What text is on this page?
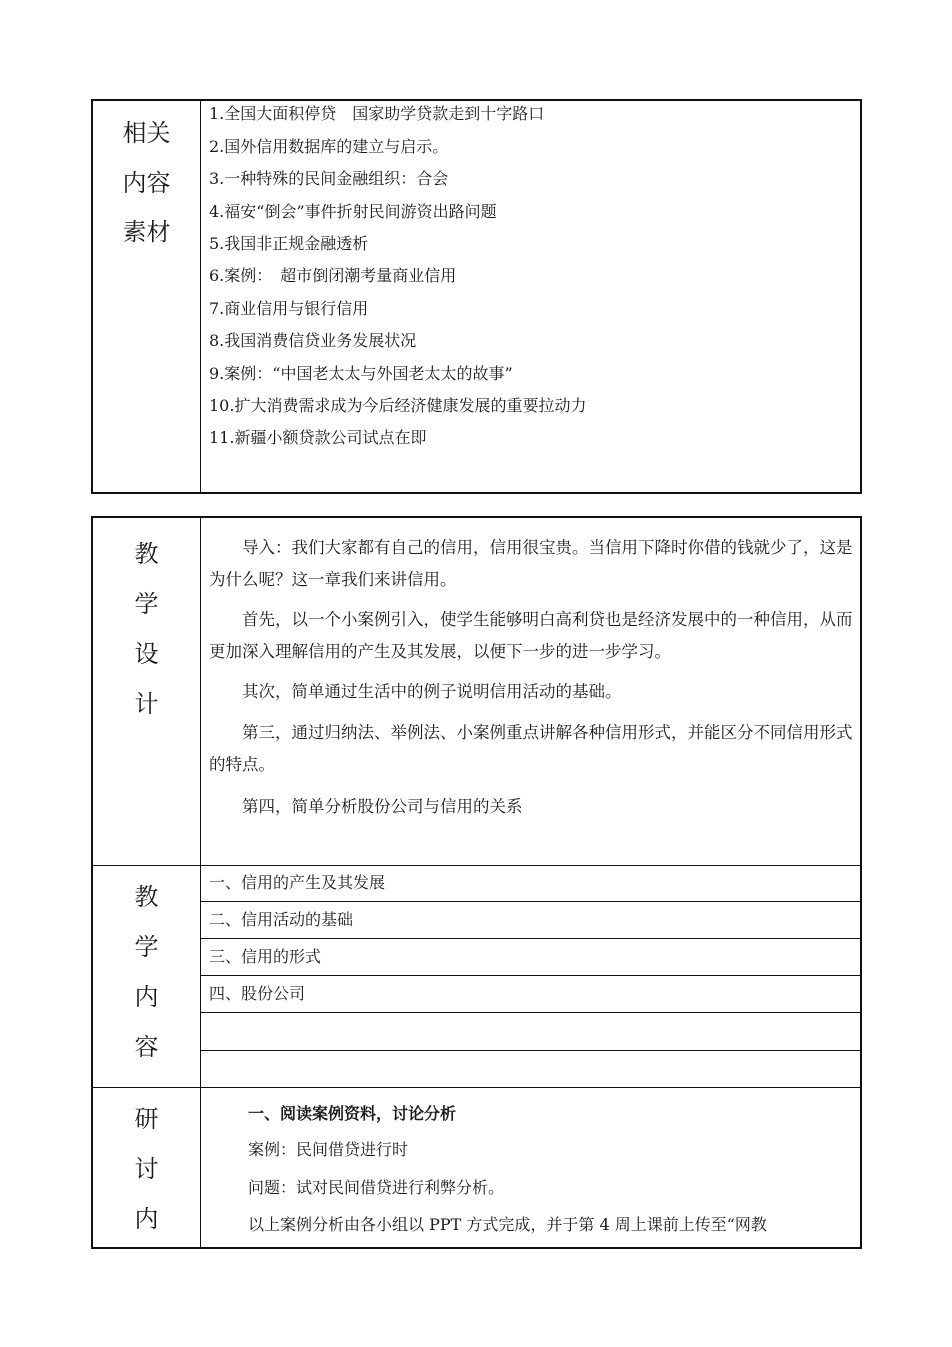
相关
内容
素材
1.全国大面积停贷　国家助学贷款走到十字路口
2.国外信用数据库的建立与启示。
3.一种特殊的民间金融组织：合会
4.福安“倒会”事件折射民间游资出路问题
5.我国非正规金融透析
6.案例：　超市倒闭潮考量商业信用
7.商业信用与银行信用
8.我国消费信贷业务发展状况
9.案例：“中国老太太与外国老太太的故事”
10.扩大消费需求成为今后经济健康发展的重要拉动力
11.新疆小额贷款公司试点在即
教
学
设
计
导入：我们大家都有自己的信用，信用很宝贵。当信用下降时你借的钱就少了，这是为什么呢？这一章我们来讲信用。
首先，以一个小案例引入，使学生能够明白高利贷也是经济发展中的一种信用，从而更加深入理解信用的产生及其发展，以便下一步的进一步学习。
其次，简单通过生活中的例子说明信用活动的基础。
第三，通过归纳法、举例法、小案例重点讲解各种信用形式，并能区分不同信用形式的特点。
第四，简单分析股份公司与信用的关系
教
学
内
容
一、信用的产生及其发展
二、信用活动的基础
三、信用的形式
四、股份公司
研
讨
内
一、阅读案例资料，讨论分析
案例：民间借贷进行时
问题：试对民间借贷进行利弊分析。
以上案例分析由各小组以 PPT 方式完成，并于第 4 周上课前上传至“网教
